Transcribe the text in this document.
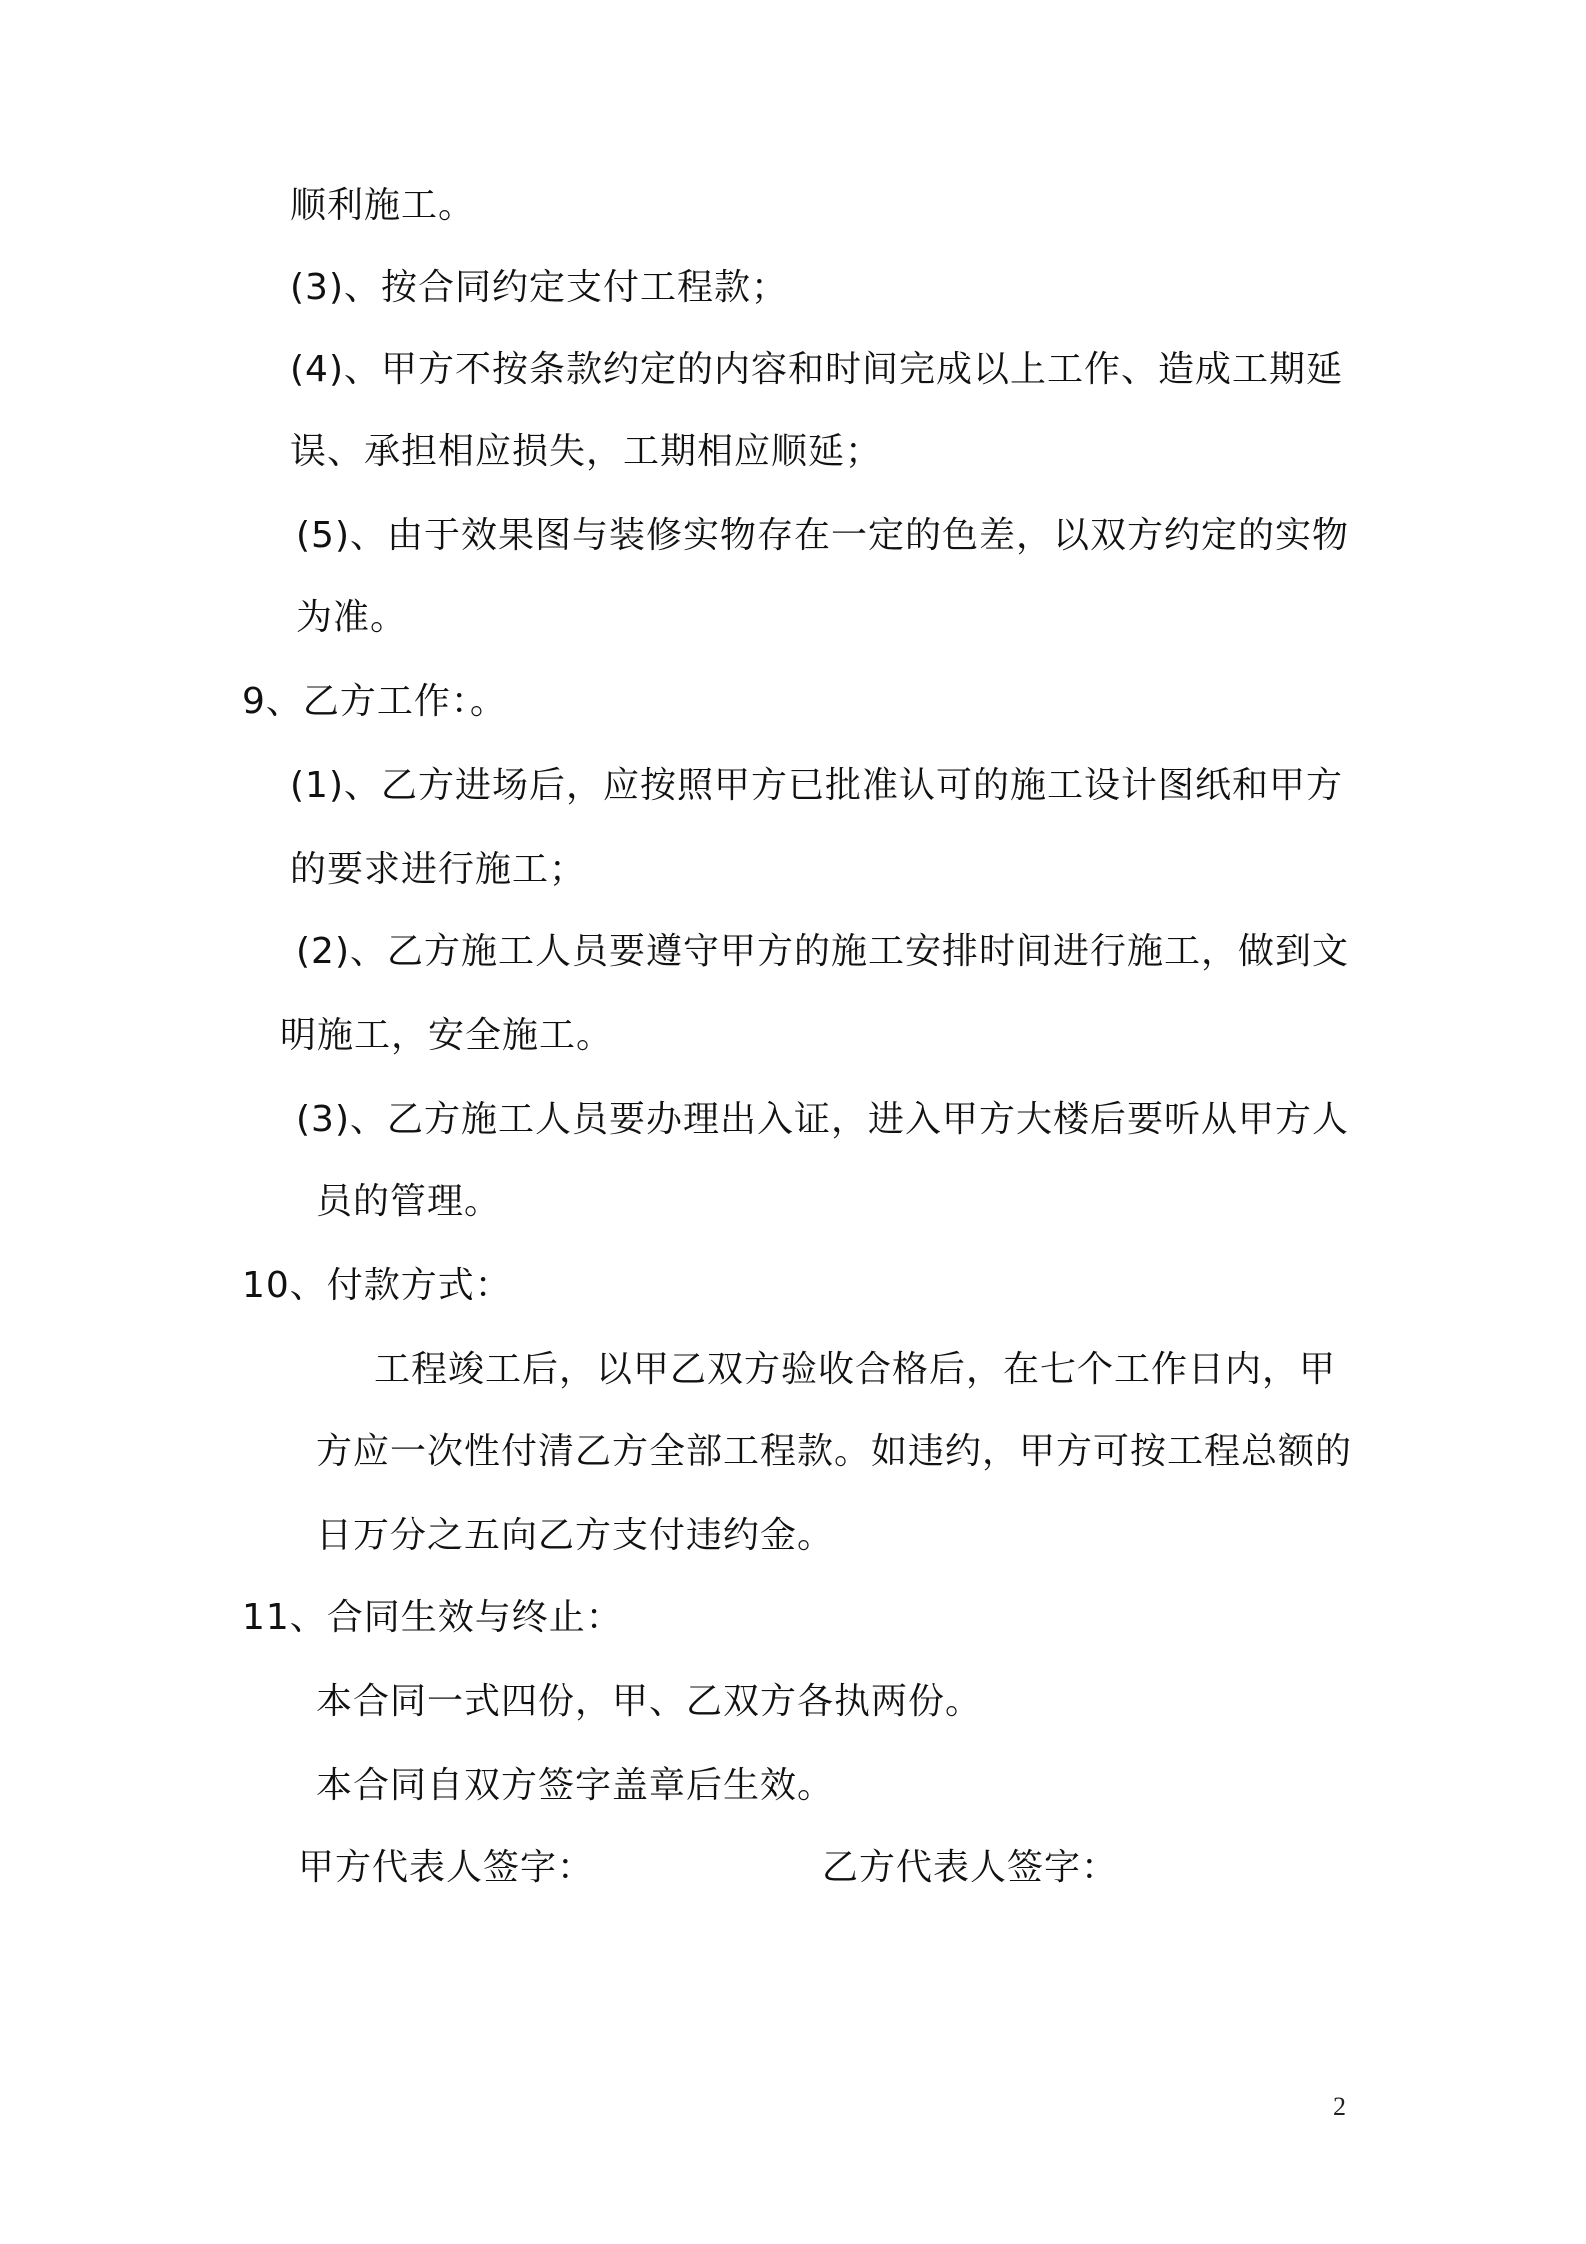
顺利施工。
(3)、按合同约定支付工程款；
(4)、甲方不按条款约定的内容和时间完成以上工作、造成工期延
误、承担相应损失，工期相应顺延；
(5)、由于效果图与装修实物存在一定的色差，以双方约定的实物
为准。
9、乙方工作：。
(1)、乙方进场后，应按照甲方已批准认可的施工设计图纸和甲方
的要求进行施工；
(2)、乙方施工人员要遵守甲方的施工安排时间进行施工，做到文
明施工，安全施工。
(3)、乙方施工人员要办理出入证，进入甲方大楼后要听从甲方人
员的管理。
10、付款方式：
工程竣工后，以甲乙双方验收合格后，在七个工作日内，甲
方应一次性付清乙方全部工程款。如违约，甲方可按工程总额的
日万分之五向乙方支付违约金。
11、合同生效与终止：
本合同一式四份，甲、乙双方各执两份。
本合同自双方签字盖章后生效。
甲方代表人签字：	乙方代表人签字：
2
